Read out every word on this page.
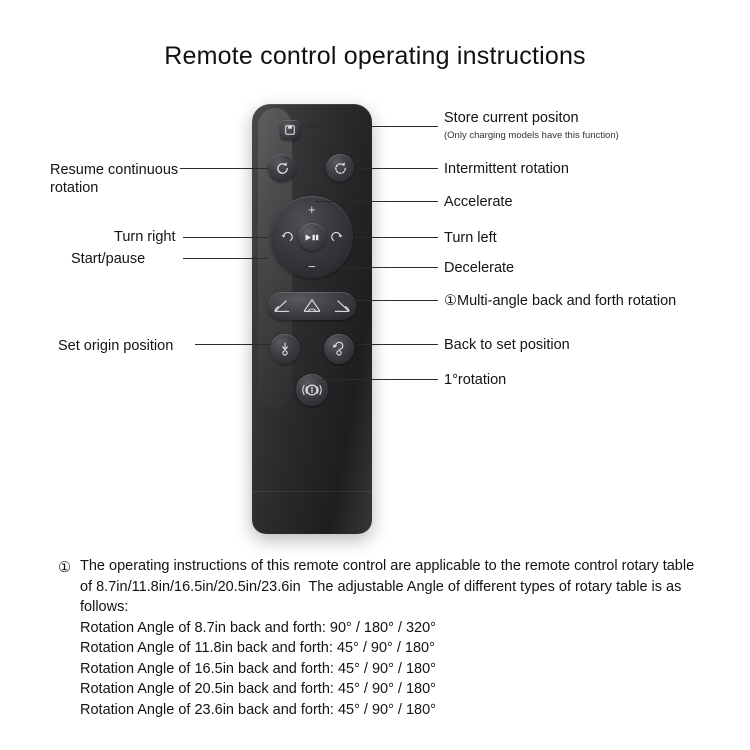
Remote control operating instructions
+
−
Store current positon
(Only charging models have this function)
Intermittent rotation
Accelerate
Turn left
Decelerate
①Multi-angle back and forth rotation
Back to set position
1°rotation
Resume continuous rotation
Turn right
Start/pause
Set origin position
① The operating instructions of this remote control are applicable to the remote control rotary table of 8.7in/11.8in/16.5in/20.5in/23.6in  The adjustable Angle of different types of rotary table is as follows:
Rotation Angle of 8.7in back and forth: 90° / 180° / 320°
Rotation Angle of 11.8in back and forth: 45° / 90° / 180°
Rotation Angle of 16.5in back and forth: 45° / 90° / 180°
Rotation Angle of 20.5in back and forth: 45° / 90° / 180°
Rotation Angle of 23.6in back and forth: 45° / 90° / 180°
